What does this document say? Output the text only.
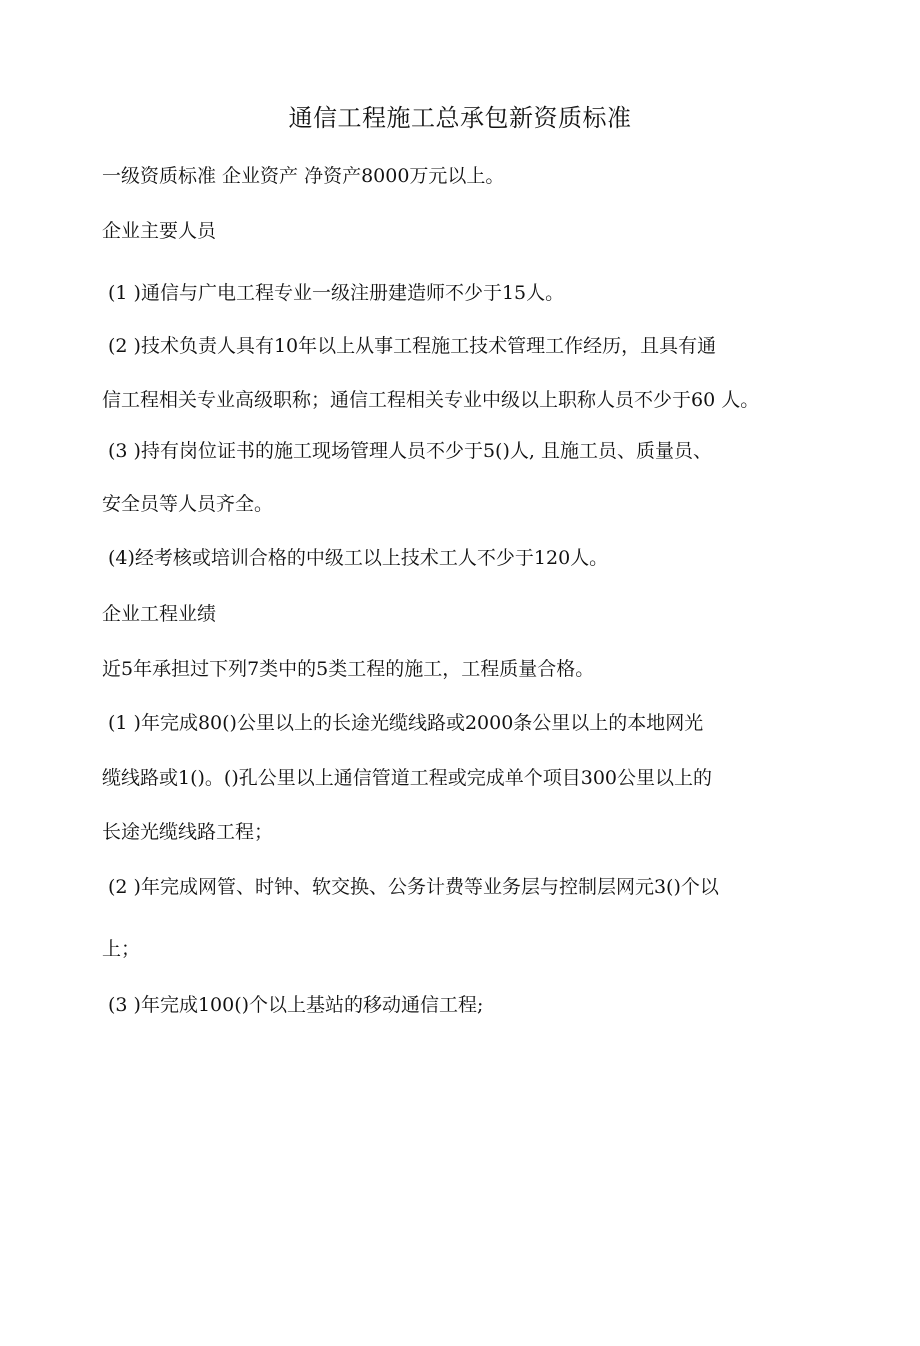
通信工程施工总承包新资质标准
一级资质标准 企业资产 净资产8000万元以上。
企业主要人员
(1 )通信与广电工程专业一级注册建造师不少于15人。
(2 )技术负责人具有10年以上从事工程施工技术管理工作经历，且具有通
信工程相关专业高级职称；通信工程相关专业中级以上职称人员不少于60 人。
(3 )持有岗位证书的施工现场管理人员不少于5()人, 且施工员、质量员、
安全员等人员齐全。
(4)经考核或培训合格的中级工以上技术工人不少于120人。
企业工程业绩
近5年承担过下列7类中的5类工程的施工，工程质量合格。
(1 )年完成80()公里以上的长途光缆线路或2000条公里以上的本地网光
缆线路或1()。()孔公里以上通信管道工程或完成单个项目300公里以上的
长途光缆线路工程；
(2 )年完成网管、时钟、软交换、公务计费等业务层与控制层网元3()个以
上；
(3 )年完成100()个以上基站的移动通信工程;
